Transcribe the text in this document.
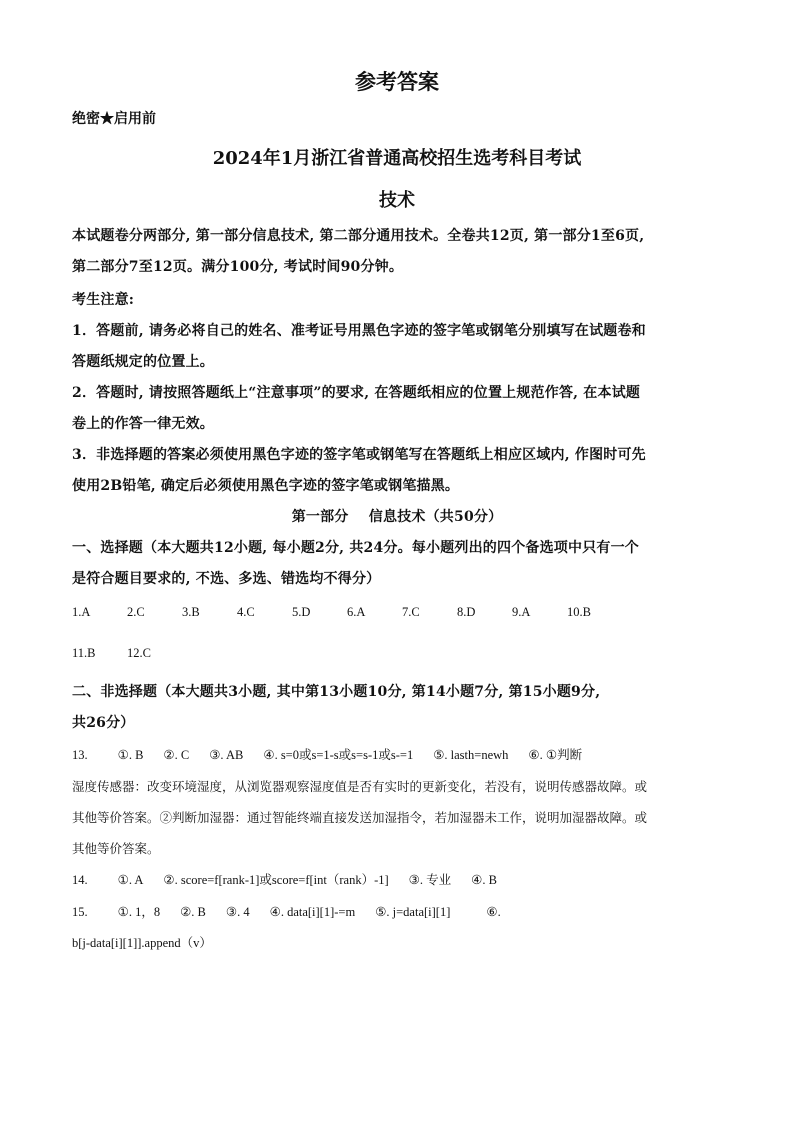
参考答案
绝密★启用前
2024年1月浙江省普通高校招生选考科目考试
技术
本试题卷分两部分, 第一部分信息技术, 第二部分通用技术。全卷共12页, 第一部分1至6页,
第二部分7至12页。满分100分, 考试时间90分钟。
考生注意:
1．答题前, 请务必将自己的姓名、准考证号用黑色字迹的签字笔或钢笔分别填写在试题卷和
答题纸规定的位置上。
2．答题时, 请按照答题纸上“注意事项”的要求, 在答题纸相应的位置上规范作答, 在本试题
卷上的作答一律无效。
3．非选择题的答案必须使用黑色字迹的签字笔或钢笔写在答题纸上相应区域内, 作图时可先
使用2B铅笔, 确定后必须使用黑色字迹的签字笔或钢笔描黑。
第一部分    信息技术（共50分）
一、选择题（本大题共12小题, 每小题2分, 共24分。每小题列出的四个备选项中只有一个
是符合题目要求的, 不选、多选、错选均不得分）
1.A	2.C	3.B	4.C	5.D	6.A	7.C	8.D	9.A	10.B
11.B	12.C
二、非选择题（本大题共3小题, 其中第13小题10分, 第14小题7分, 第15小题9分,
共26分）
13. ①. B ②. C ③. AB ④. s=0或s=1-s或s=s-1或s-=1 ⑤. lasth=newh ⑥. ①判断
湿度传感器：改变环境湿度，从浏览器观察湿度值是否有实时的更新变化，若没有，说明传感器故障。或
其他等价答案。②判断加湿器：通过智能终端直接发送加湿指令，若加湿器未工作，说明加湿器故障。或
其他等价答案。
14. ①. A ②. score=f[rank-1]或score=f[int（rank）-1] ③. 专业 ④. B
15. ①. 1，8 ②. B ③. 4 ④. data[i][1]-=m ⑤. j=data[i][1]	⑥.
b[j-data[i][1]].append（v）
